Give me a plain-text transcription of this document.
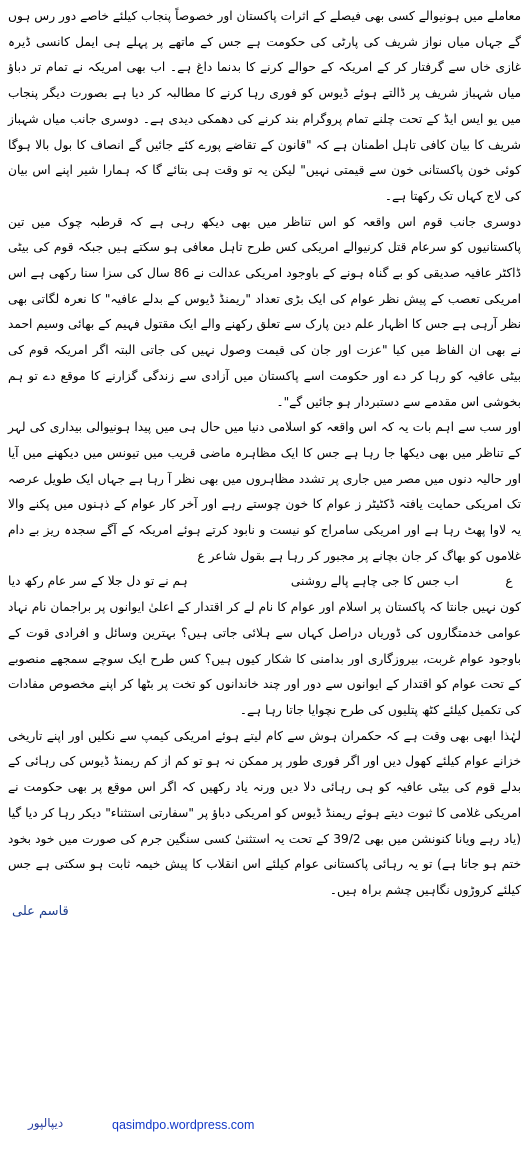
معاملے میں ہونیوالے کسی بھی فیصلے کے اثرات پاکستان اور خصوصاً پنجاب کیلئے خاصے دور رس ہوں گے جہاں میاں نواز شریف کی پارٹی کی حکومت ہے جس کے ماتھے پر پہلے ہی ایمل کانسی ڈیرہ غازی خاں سے گرفتار کر کے امریکہ کے حوالے کرنے کا بدنما داغ ہے۔ اب بھی امریکہ نے تمام تر دباؤ میاں شہباز شریف پر ڈالتے ہوئے ڈیوس کو فوری رہا کرنے کا مطالبہ کر دیا ہے بصورت دیگر پنجاب میں یو ایس ایڈ کے تحت چلنے تمام پروگرام بند کرنے کی دھمکی دیدی ہے۔ دوسری جانب میاں شہباز شریف کا بیان کافی تاہل اطمنان ہے کہ "قانون کے تقاضے پورے کئے جائیں گے انصاف کا بول بالا ہوگا کوئی خون پاکستانی خون سے قیمتی نہیں" لیکن یہ تو وقت ہی بتائے گا کہ ہمارا شیر اپنے اس بیان کی لاج کہاں تک رکھتا ہے۔

دوسری جانب قوم اس واقعہ کو اس تناظر میں بھی دیکھ رہی ہے کہ قرطبہ چوک میں تین پاکستانیوں کو سرعام قتل کرنیوالے امریکی کس طرح تاہل معافی ہو سکتے ہیں جبکہ قوم کی بیٹی ڈاکٹر عافیہ صدیقی کو بے گناہ ہونے کے باوجود امریکی عدالت نے 86 سال کی سزا سنا رکھی ہے اس امریکی تعصب کے پیش نظر عوام کی ایک بڑی تعداد "ریمنڈ ڈیوس کے بدلے عافیہ" کا نعرہ لگاتی بھی نظر آرہی ہے جس کا اظہار علم دین پارک سے تعلق رکھنے والے ایک مقتول فہیم کے بھائی وسیم احمد نے بھی ان الفاظ میں کیا "عزت اور جان کی قیمت وصول نہیں کی جاتی البتہ اگر امریکہ قوم کی بیٹی عافیہ کو رہا کر دے اور حکومت اسے پاکستان میں آزادی سے زندگی گزارنے کا موقع دے تو ہم بخوشی اس مقدمے سے دستبردار ہو جائیں گے"۔

اور سب سے اہم بات یہ کہ اس واقعہ کو اسلامی دنیا میں حال ہی میں پیدا ہونیوالی بیداری کی لہر کے تناظر میں بھی دیکھا جا رہا ہے جس کا ایک مظاہرہ ماضی قریب میں تیونس میں دیکھنے میں آیا اور حالیہ دنوں میں مصر میں جاری پر تشدد مظاہروں میں بھی نظر آ رہا ہے جہاں ایک طویل عرصہ تک امریکی حمایت یافتہ ڈکٹیٹر ز عوام کا خون چوستے رہے اور آخر کار عوام کے ذہنوں میں پکنے والا یہ لاوا پھٹ رہا ہے اور امریکی سامراج کو نیست و نابود کرتے ہوئے امریکہ کے آگے سجدہ ریز بے دام غلاموں کو بھاگ کر جان بچانے پر مجبور کر رہا ہے بقول شاعر ع

ع
اب جس کا جی چاہے پالے روشنی
ہم نے تو دل جلا کے سر عام رکھ دیا

کون نہیں جانتا کہ پاکستان پر اسلام اور عوام کا نام لے کر اقتدار کے اعلیٰ ایوانوں پر براجمان نام نہاد عوامی خدمتگاروں کی ڈوریاں دراصل کہاں سے ہلائی جاتی ہیں؟ بہترین وسائل و افرادی قوت کے باوجود عوام غربت، بیروزگاری اور بدامنی کا شکار کیوں ہیں؟ کس طرح ایک سوچے سمجھے منصوبے کے تحت عوام کو اقتدار کے ایوانوں سے دور اور چند خاندانوں کو تخت پر بٹھا کر اپنے مخصوص مفادات کی تکمیل کیلئے کٹھ پتلیوں کی طرح نچوایا جاتا رہا ہے۔

لہٰذا ابھی بھی وقت ہے کہ حکمران ہوش سے کام لیتے ہوئے امریکی کیمپ سے نکلیں اور اپنے تاریخی خزانے عوام کیلئے کھول دیں اور اگر فوری طور پر ممکن نہ ہو تو کم از کم ریمنڈ ڈیوس کی رہائی کے بدلے قوم کی بیٹی عافیہ کو ہی رہائی دلا دیں ورنہ یاد رکھیں کہ اگر اس موقع پر بھی حکومت نے امریکی غلامی کا ثبوت دیتے ہوئے ریمنڈ ڈیوس کو امریکی دباؤ پر "سفارتی استثناء" دیکر رہا کر دیا گیا (یاد رہے ویانا کنونشن میں بھی 39/2 کے تحت یہ استثنیٰ کسی سنگین جرم کی صورت میں خود بخود ختم ہو جاتا ہے) تو یہ رہائی پاکستانی عوام کیلئے اس انقلاب کا پیش خیمہ ثابت ہو سکتی ہے جس کیلئے کروڑوں نگاہیں چشم براہ ہیں۔

قاسم علی
دیپالپور	qasimdpo.wordpress.com
